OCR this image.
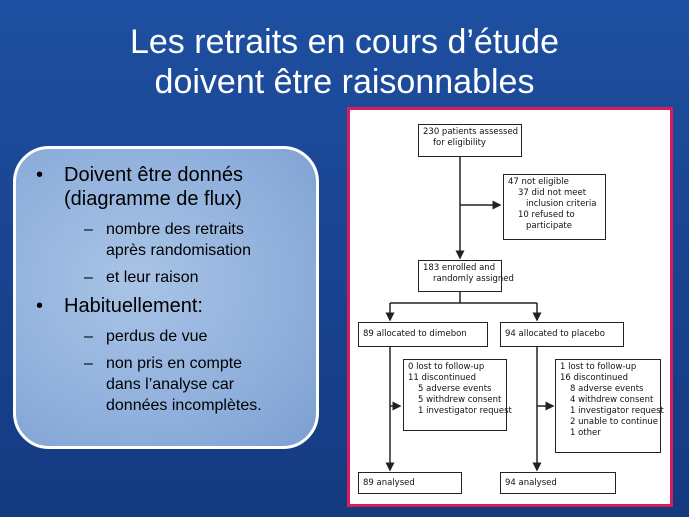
Les retraits en cours d’étude
doivent être raisonnables
• Doivent être donnés
(diagramme de flux)
– nombre des retraits
après randomisation
– et leur raison
• Habituellement:
– perdus de vue
– non pris en compte
dans l’analyse car
données incomplètes.
230 patients assessed
for eligibility
47 not eligible
37 did not meet
inclusion criteria
10 refused to
participate
183 enrolled and
randomly assigned
89 allocated to dimebon	94 allocated to placebo
0 lost to follow-up
11 discontinued
5 adverse events
5 withdrew consent
1 investigator request
1 lost to follow-up
16 discontinued
8 adverse events
4 withdrew consent
1 investigator request
2 unable to continue
1 other
89 analysed	94 analysed
